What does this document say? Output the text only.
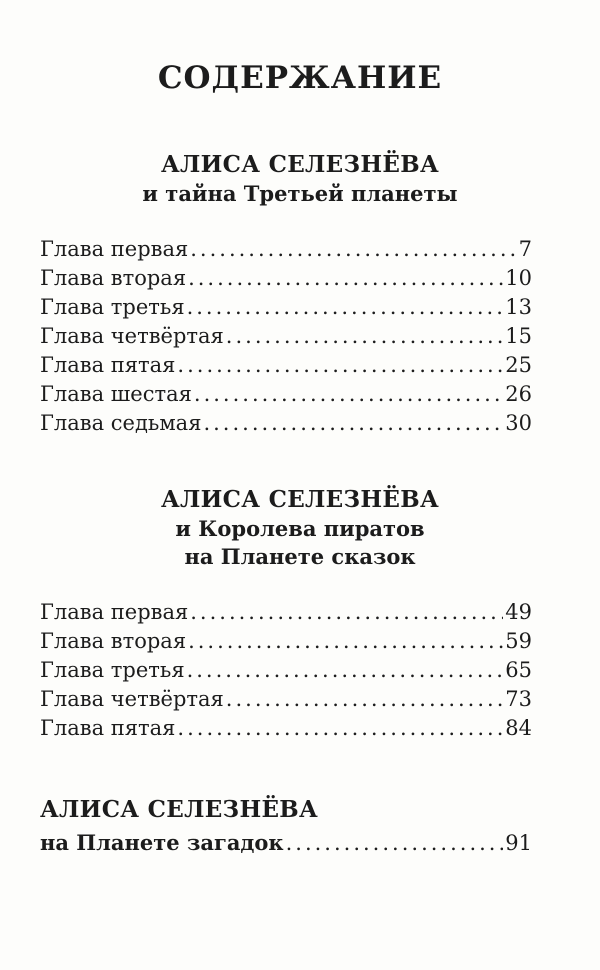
СОДЕРЖАНИЕ
АЛИСА СЕЛЕЗНЁВА
и тайна Третьей планеты
Глава первая .....	7
Глава вторая .....	10
Глава третья .....	13
Глава четвёртая .....	15
Глава пятая .....	25
Глава шестая .....	26
Глава седьмая .....	30
АЛИСА СЕЛЕЗНЁВА
и Королева пиратов
на Планете сказок
Глава первая .....	49
Глава вторая .....	59
Глава третья .....	65
Глава четвёртая .....	73
Глава пятая .....	84
АЛИСА СЕЛЕЗНЁВА
на Планете загадок .....	91
